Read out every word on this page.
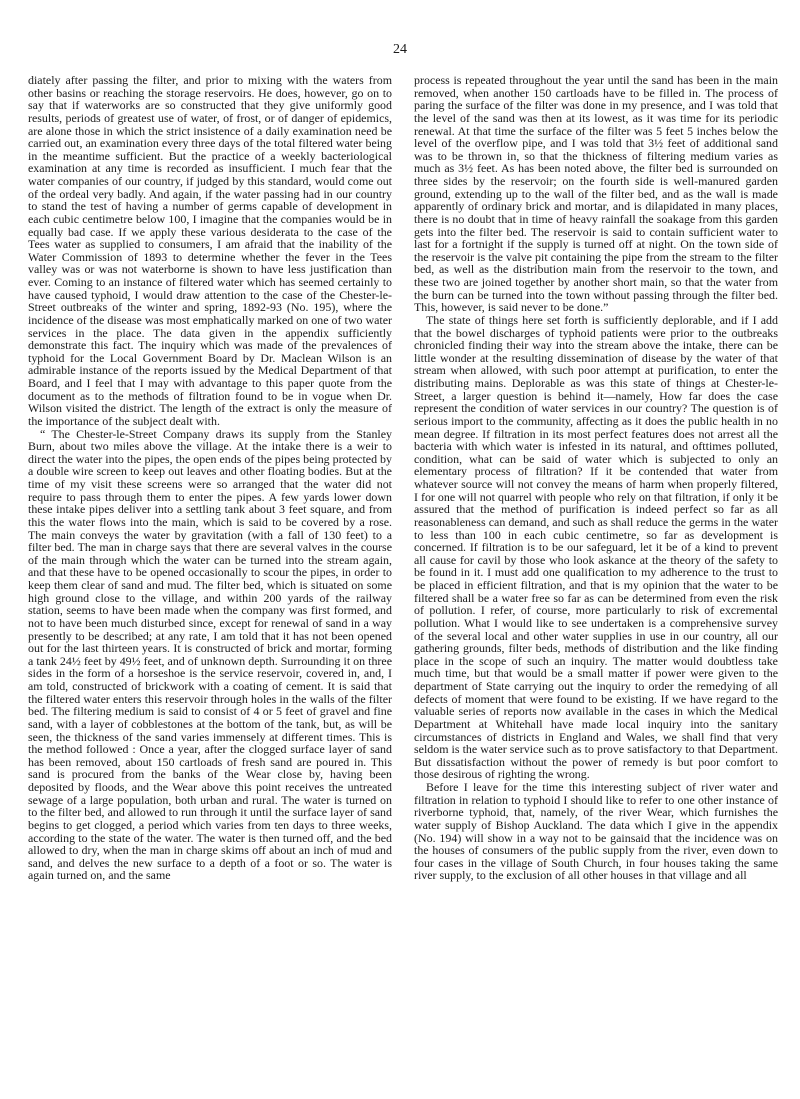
24

diately after passing the filter, and prior to mixing with the waters from other basins or reaching the storage reservoirs. He does, however, go on to say that if waterworks are so constructed that they give uniformly good results, periods of greatest use of water, of frost, or of danger of epidemics, are alone those in which the strict insistence of a daily examination need be carried out, an examination every three days of the total filtered water being in the meantime sufficient. But the practice of a weekly bacteriological examination at any time is recorded as insufficient. I much fear that the water companies of our country, if judged by this standard, would come out of the ordeal very badly. And again, if the water passing had in our country to stand the test of having a number of germs capable of development in each cubic centimetre below 100, I imagine that the companies would be in equally bad case. If we apply these various desiderata to the case of the Tees water as supplied to consumers, I am afraid that the inability of the Water Commission of 1893 to determine whether the fever in the Tees valley was or was not waterborne is shown to have less justification than ever. Coming to an instance of filtered water which has seemed certainly to have caused typhoid, I would draw attention to the case of the Chester-le-Street outbreaks of the winter and spring, 1892-93 (No. 195), where the incidence of the disease was most emphatically marked on one of two water services in the place. The data given in the appendix sufficiently demonstrate this fact. The inquiry which was made of the prevalences of typhoid for the Local Government Board by Dr. Maclean Wilson is an admirable instance of the reports issued by the Medical Department of that Board, and I feel that I may with advantage to this paper quote from the document as to the methods of filtration found to be in vogue when Dr. Wilson visited the district. The length of the extract is only the measure of the importance of the subject dealt with.

“ The Chester-le-Street Company draws its supply from the Stanley Burn, about two miles above the village. At the intake there is a weir to direct the water into the pipes, the open ends of the pipes being protected by a double wire screen to keep out leaves and other floating bodies. But at the time of my visit these screens were so arranged that the water did not require to pass through them to enter the pipes. A few yards lower down these intake pipes deliver into a settling tank about 3 feet square, and from this the water flows into the main, which is said to be covered by a rose. The main conveys the water by gravitation (with a fall of 130 feet) to a filter bed. The man in charge says that there are several valves in the course of the main through which the water can be turned into the stream again, and that these have to be opened occasionally to scour the pipes, in order to keep them clear of sand and mud. The filter bed, which is situated on some high ground close to the village, and within 200 yards of the railway station, seems to have been made when the company was first formed, and not to have been much disturbed since, except for renewal of sand in a way presently to be described; at any rate, I am told that it has not been opened out for the last thirteen years. It is constructed of brick and mortar, forming a tank 24½ feet by 49½ feet, and of unknown depth. Surrounding it on three sides in the form of a horseshoe is the service reservoir, covered in, and, I am told, constructed of brickwork with a coating of cement. It is said that the filtered water enters this reservoir through holes in the walls of the filter bed. The filtering medium is said to consist of 4 or 5 feet of gravel and fine sand, with a layer of cobblestones at the bottom of the tank, but, as will be seen, the thickness of the sand varies immensely at different times. This is the method followed : Once a year, after the clogged surface layer of sand has been removed, about 150 cartloads of fresh sand are poured in. This sand is procured from the banks of the Wear close by, having been deposited by floods, and the Wear above this point receives the untreated sewage of a large population, both urban and rural. The water is turned on to the filter bed, and allowed to run through it until the surface layer of sand begins to get clogged, a period which varies from ten days to three weeks, according to the state of the water. The water is then turned off, and the bed allowed to dry, when the man in charge skims off about an inch of mud and sand, and delves the new surface to a depth of a foot or so. The water is again turned on, and the same

process is repeated throughout the year until the sand has been in the main removed, when another 150 cartloads have to be filled in. The process of paring the surface of the filter was done in my presence, and I was told that the level of the sand was then at its lowest, as it was time for its periodic renewal. At that time the surface of the filter was 5 feet 5 inches below the level of the overflow pipe, and I was told that 3½ feet of additional sand was to be thrown in, so that the thickness of filtering medium varies as much as 3½ feet. As has been noted above, the filter bed is surrounded on three sides by the reservoir; on the fourth side is well-manured garden ground, extending up to the wall of the filter bed, and as the wall is made apparently of ordinary brick and mortar, and is dilapidated in many places, there is no doubt that in time of heavy rainfall the soakage from this garden gets into the filter bed. The reservoir is said to contain sufficient water to last for a fortnight if the supply is turned off at night. On the town side of the reservoir is the valve pit containing the pipe from the stream to the filter bed, as well as the distribution main from the reservoir to the town, and these two are joined together by another short main, so that the water from the burn can be turned into the town without passing through the filter bed. This, however, is said never to be done.”

The state of things here set forth is sufficiently deplorable, and if I add that the bowel discharges of typhoid patients were prior to the outbreaks chronicled finding their way into the stream above the intake, there can be little wonder at the resulting dissemination of disease by the water of that stream when allowed, with such poor attempt at purification, to enter the distributing mains. Deplorable as was this state of things at Chester-le-Street, a larger question is behind it—namely, How far does the case represent the condition of water services in our country? The question is of serious import to the community, affecting as it does the public health in no mean degree. If filtration in its most perfect features does not arrest all the bacteria with which water is infested in its natural, and ofttimes polluted, condition, what can be said of water which is subjected to only an elementary process of filtration? If it be contended that water from whatever source will not convey the means of harm when properly filtered, I for one will not quarrel with people who rely on that filtration, if only it be assured that the method of purification is indeed perfect so far as all reasonableness can demand, and such as shall reduce the germs in the water to less than 100 in each cubic centimetre, so far as development is concerned. If filtration is to be our safeguard, let it be of a kind to prevent all cause for cavil by those who look askance at the theory of the safety to be found in it. I must add one qualification to my adherence to the trust to be placed in efficient filtration, and that is my opinion that the water to be filtered shall be a water free so far as can be determined from even the risk of pollution. I refer, of course, more particularly to risk of excremental pollution. What I would like to see undertaken is a comprehensive survey of the several local and other water supplies in use in our country, all our gathering grounds, filter beds, methods of distribution and the like finding place in the scope of such an inquiry. The matter would doubtless take much time, but that would be a small matter if power were given to the department of State carrying out the inquiry to order the remedying of all defects of moment that were found to be existing. If we have regard to the valuable series of reports now available in the cases in which the Medical Department at Whitehall have made local inquiry into the sanitary circumstances of districts in England and Wales, we shall find that very seldom is the water service such as to prove satisfactory to that Department. But dissatisfaction without the power of remedy is but poor comfort to those desirous of righting the wrong.

Before I leave for the time this interesting subject of river water and filtration in relation to typhoid I should like to refer to one other instance of riverborne typhoid, that, namely, of the river Wear, which furnishes the water supply of Bishop Auckland. The data which I give in the appendix (No. 194) will show in a way not to be gainsaid that the incidence was on the houses of consumers of the public supply from the river, even down to four cases in the village of South Church, in four houses taking the same river supply, to the exclusion of all other houses in that village and all
